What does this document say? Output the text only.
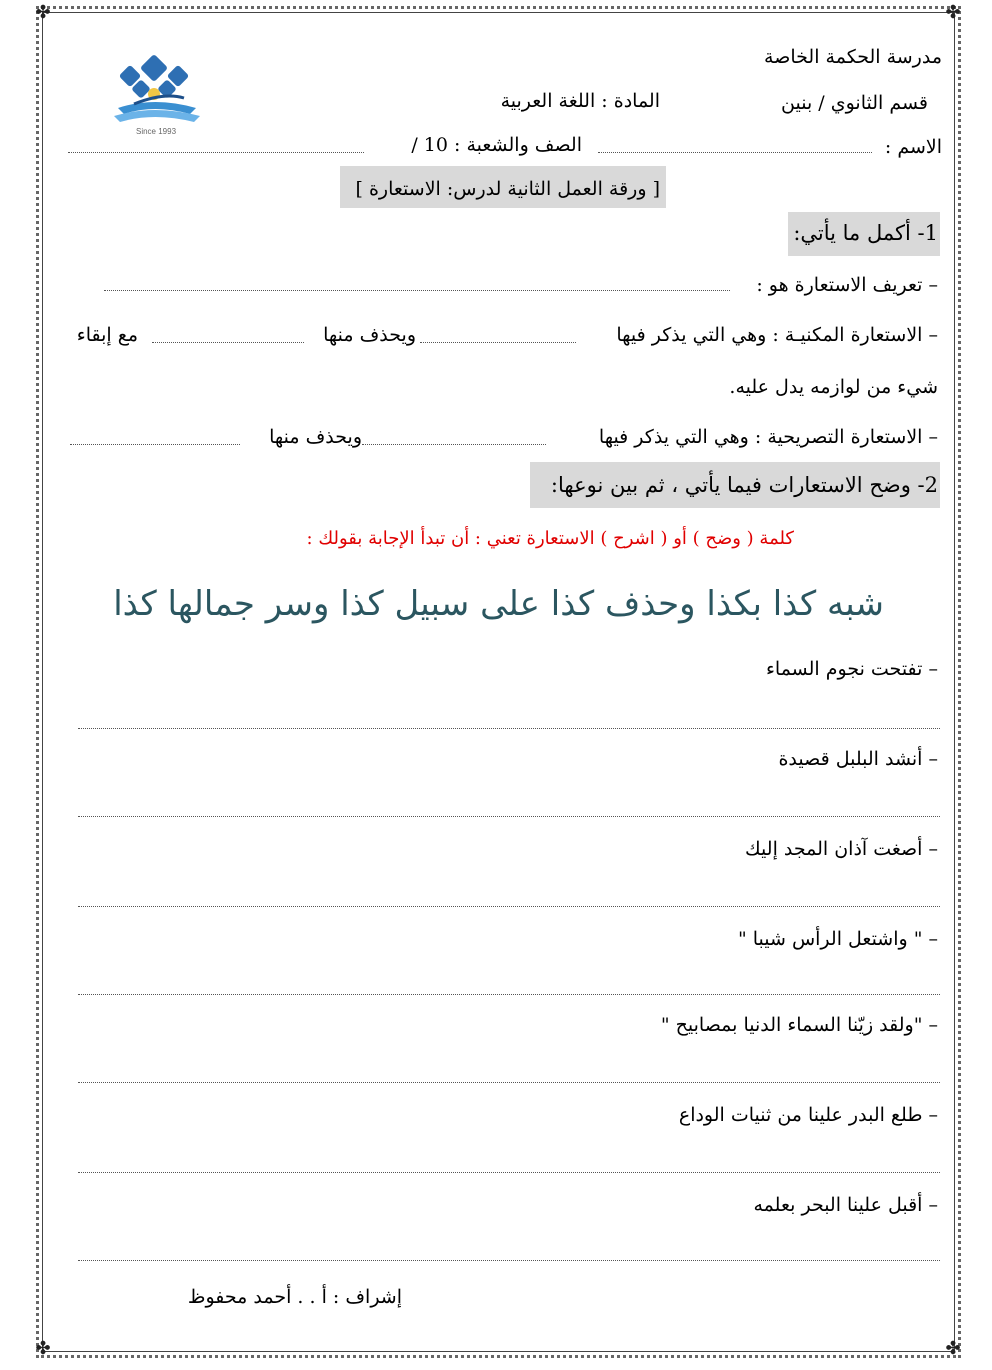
✤	✤
✤	✤
Since 1993
مدرسة الحكمة الخاصة
قسم الثانوي / بنين
المادة : اللغة العربية
الاسم :
الصف والشعبة : 10 /
[ ورقة العمل الثانية لدرس: الاستعارة ]
1- أكمل ما يأتي:
– تعريف الاستعارة هو :
– الاستعارة المكنيـة : وهي التي يذكر فيها
ويحذف منها
مع إبقاء
شيء من لوازمه يدل عليه.
– الاستعارة التصريحية : وهي التي يذكر فيها
ويحذف منها
2- وضح الاستعارات فيما يأتي ، ثم بين نوعها:
كلمة ( وضح ) أو ( اشرح ) الاستعارة تعني : أن تبدأ الإجابة بقولك :
شبه كذا بكذا وحذف كذا على سبيل كذا وسر جمالها كذا
– تفتحت نجوم السماء
– أنشد البلبل قصيدة
– أصغت آذان المجد إليك
– " واشتعل الرأس شيبا "
– "ولقد زيّنا السماء الدنيا بمصابيح "
– طلع البدر علينا من ثنيات الوداع
– أقبل علينا البحر بعلمه
إشراف : أ . . أحمد محفوظ
